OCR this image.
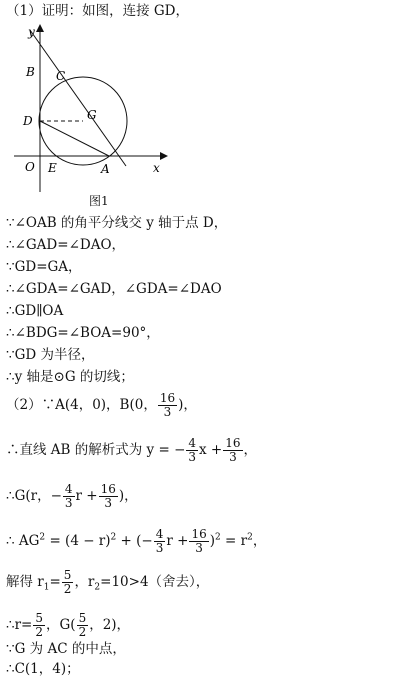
（1）证明：如图，连接 GD，
y
x
O
B C
D	G
E	A
图1
∵∠OAB 的角平分线交 y 轴于点 D，
∴∠GAD=∠DAO，
∵GD=GA，
∴∠GDA=∠GAD，∠GDA=∠DAO
∴GD∥OA
∴∠BDG=∠BOA=90°，
∵GD 为半径，
∴y 轴是⊙G 的切线；
（2）∵A(4，0)，B(0， $\frac{16}{3}$ )，
∴直线 AB 的解析式为 y = − $\frac{4}{3}$ $x + \frac{16}{3}$ ，
∴G(r，− $\frac{4}{3}$ $r + \frac{16}{3}$ )，
∴ $AG^2 = (4 - r)^2$ + (− $\frac{4}{3}$ $r + \frac{16}{3} )^2 = r^2$，
解得 $r_1= \frac{5}{2}$ ，$r_2=10>4$（舍去），
∴r= $\frac{5}{2}$ ，$G( \frac{5}{2}$ ，2)，
∵G 为 AC 的中点，
∴C(1，4)；
